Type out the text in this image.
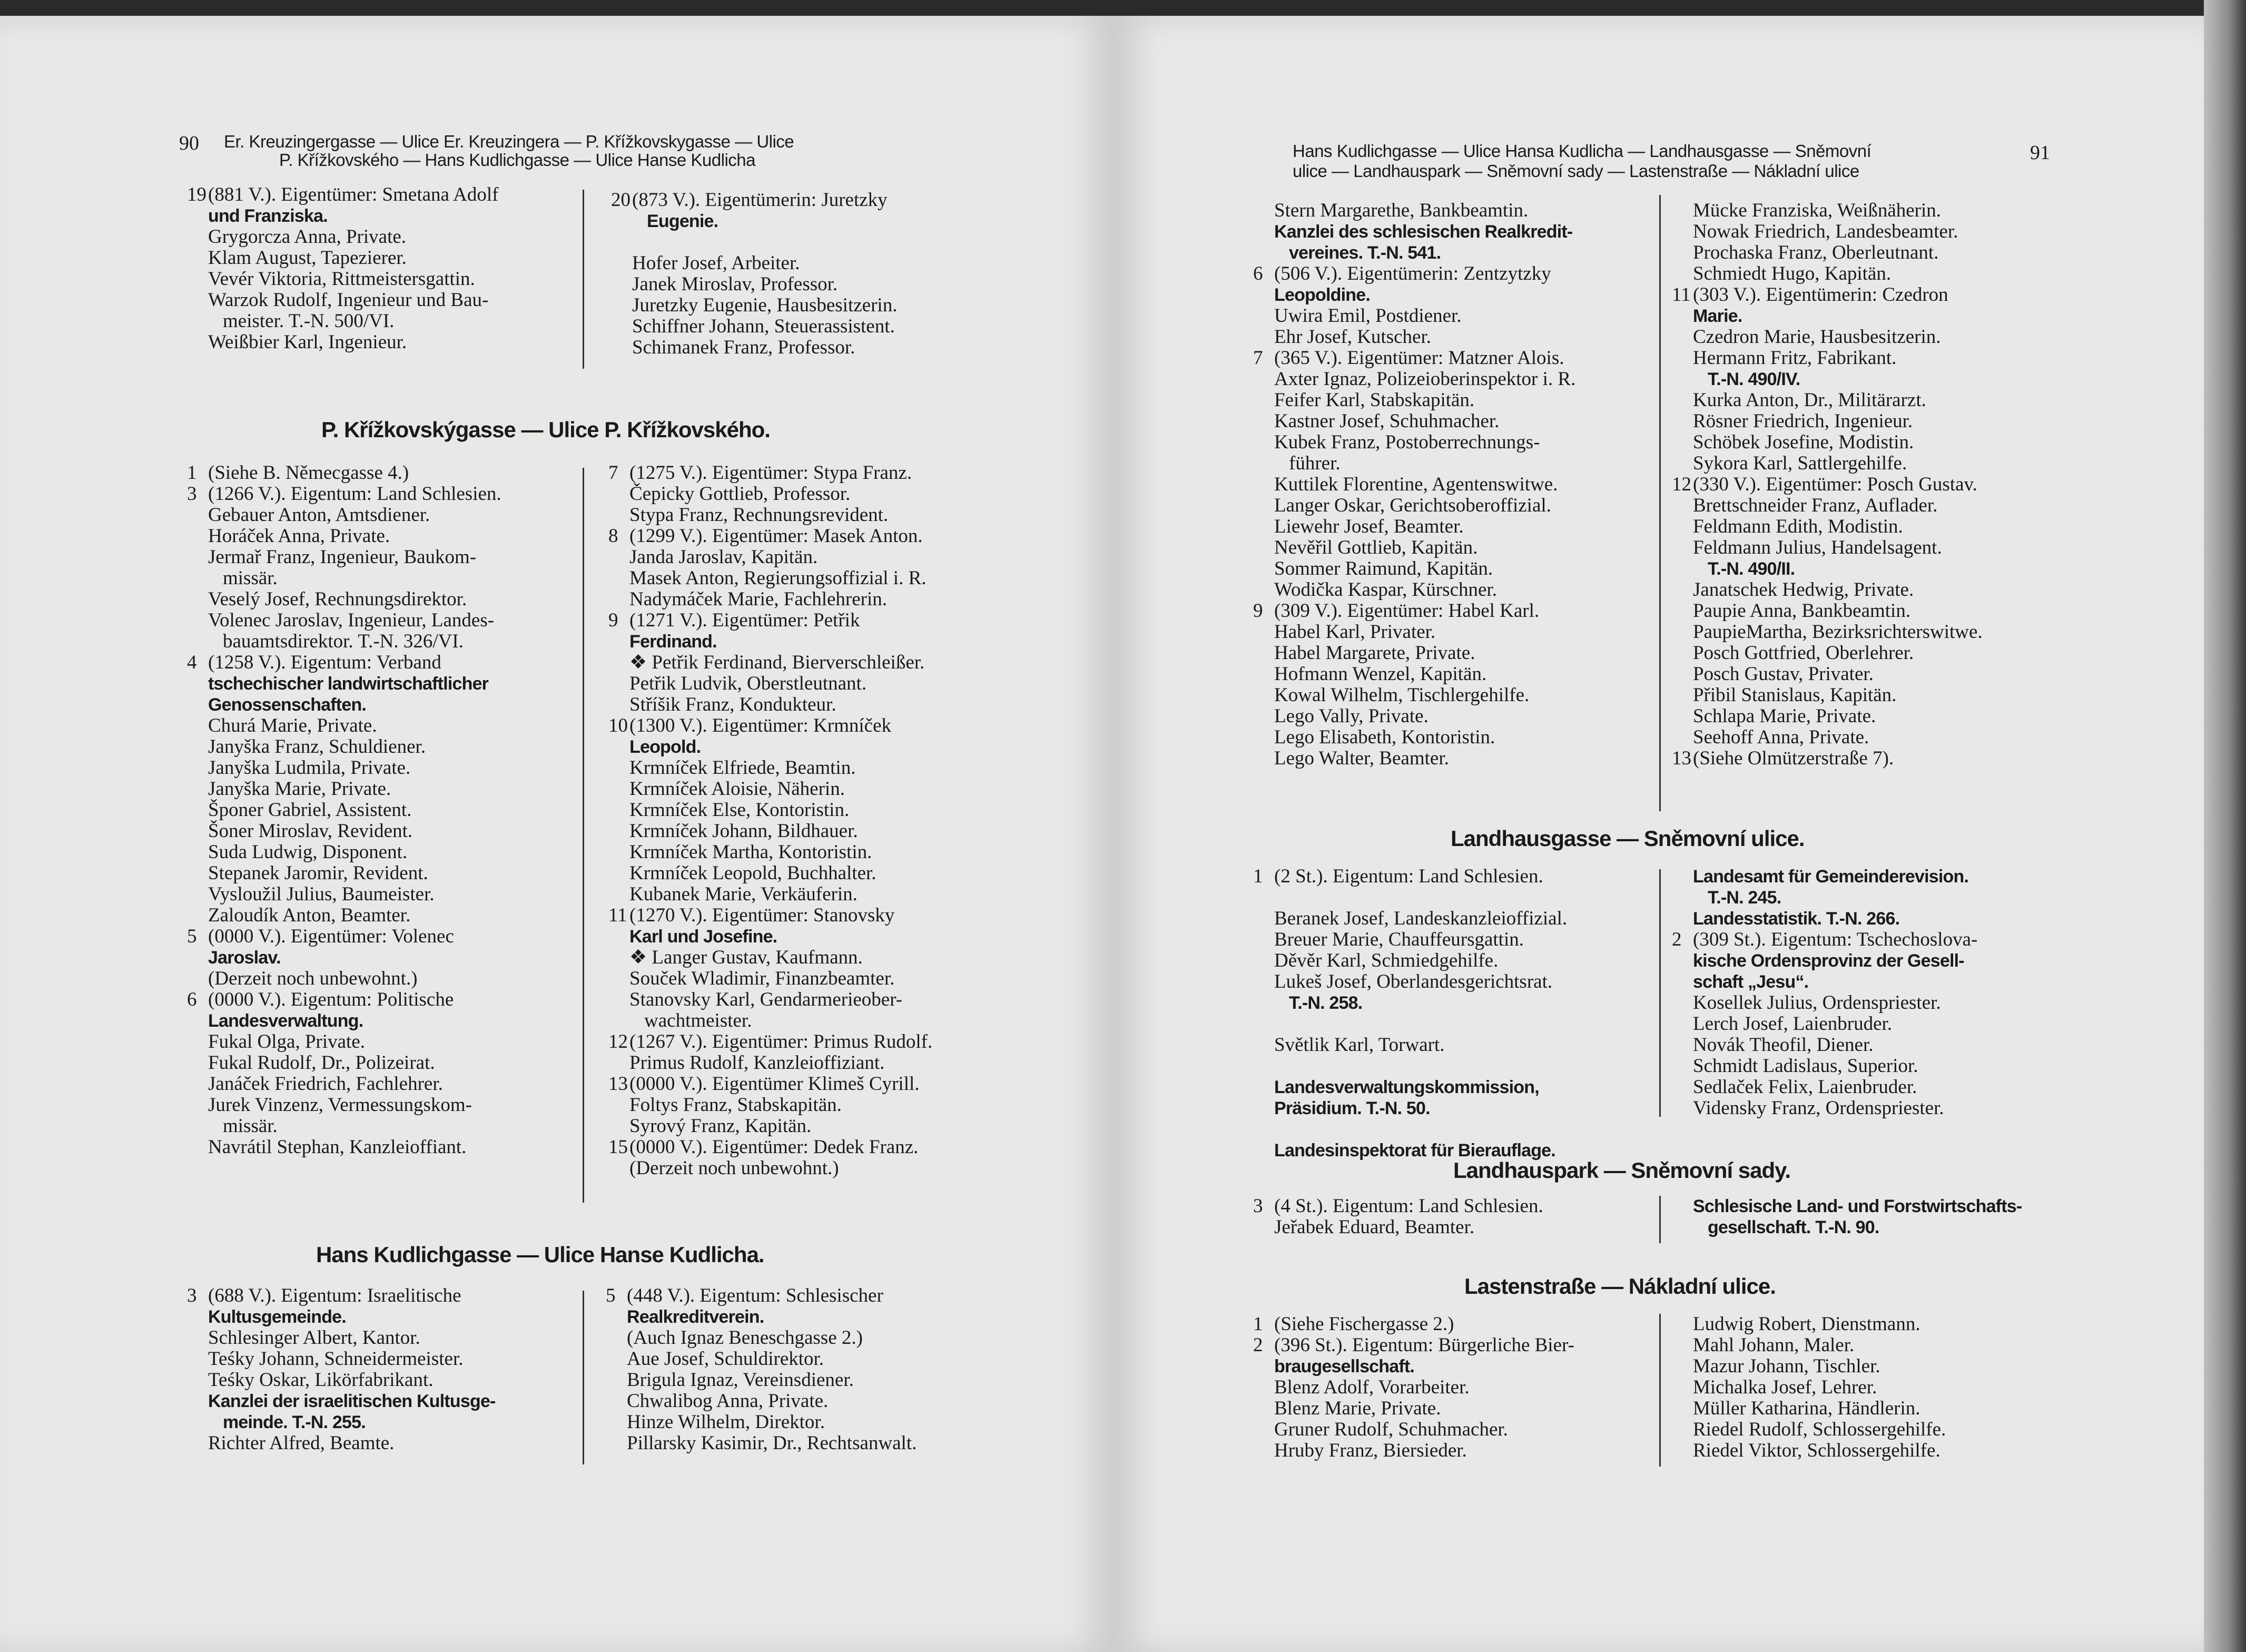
90 Er. Kreuzingergasse — Ulice Er. Kreuzingera — P. Křížkovskygasse — Ulice
P. Křížkovského — Hans Kudlichgasse — Ulice Hanse Kudlicha
19 (881 V.). Eigentümer: Smetana Adolf
und Franziska.
Grygorcza Anna, Private.
Klam August, Tapezierer.
Vevér Viktoria, Rittmeistersgattin.
Warzok Rudolf, Ingenieur und Bau-
meister. T.-N. 500/VI.
Weißbier Karl, Ingenieur.
20 (873 V.). Eigentümerin: Juretzky
Eugenie.
Hofer Josef, Arbeiter.
Janek Miroslav, Professor.
Juretzky Eugenie, Hausbesitzerin.
Schiffner Johann, Steuerassistent.
Schimanek Franz, Professor.
P. Křížkovskýgasse — Ulice P. Křížkovského.
1 (Siehe B. Němecgasse 4.)
3 (1266 V.). Eigentum: Land Schlesien.
Gebauer Anton, Amtsdiener.
Horáček Anna, Private.
Jermař Franz, Ingenieur, Baukom-
missär.
Veselý Josef, Rechnungsdirektor.
Volenec Jaroslav, Ingenieur, Landes-
bauamtsdirektor. T.-N. 326/VI.
4 (1258 V.). Eigentum: Verband
tschechischer landwirtschaftlicher
Genossenschaften.
Churá Marie, Private.
Janyška Franz, Schuldiener.
Janyška Ludmila, Private.
Janyška Marie, Private.
Šponer Gabriel, Assistent.
Šoner Miroslav, Revident.
Suda Ludwig, Disponent.
Stepanek Jaromir, Revident.
Vysloužil Julius, Baumeister.
Zaloudík Anton, Beamter.
5 (0000 V.). Eigentümer: Volenec
Jaroslav.
(Derzeit noch unbewohnt.)
6 (0000 V.). Eigentum: Politische
Landesverwaltung.
Fukal Olga, Private.
Fukal Rudolf, Dr., Polizeirat.
Janáček Friedrich, Fachlehrer.
Jurek Vinzenz, Vermessungskom-
missär.
Navrátil Stephan, Kanzleioffiant.
7 (1275 V.). Eigentümer: Stypa Franz.
Čepicky Gottlieb, Professor.
Stypa Franz, Rechnungsrevident.
8 (1299 V.). Eigentümer: Masek Anton.
Janda Jaroslav, Kapitän.
Masek Anton, Regierungsoffizial i. R.
Nadymáček Marie, Fachlehrerin.
9 (1271 V.). Eigentümer: Petřik
Ferdinand.
❖ Petřik Ferdinand, Bierverschleißer.
Petřik Ludvik, Oberstleutnant.
Stříšik Franz, Kondukteur.
10 (1300 V.). Eigentümer: Krmníček
Leopold.
Krmníček Elfriede, Beamtin.
Krmníček Aloisie, Näherin.
Krmníček Else, Kontoristin.
Krmníček Johann, Bildhauer.
Krmníček Martha, Kontoristin.
Krmníček Leopold, Buchhalter.
Kubanek Marie, Verkäuferin.
11 (1270 V.). Eigentümer: Stanovsky
Karl und Josefine.
❖ Langer Gustav, Kaufmann.
Souček Wladimir, Finanzbeamter.
Stanovsky Karl, Gendarmerieober-
wachtmeister.
12 (1267 V.). Eigentümer: Primus Rudolf.
Primus Rudolf, Kanzleioffiziant.
13 (0000 V.). Eigentümer Klimeš Cyrill.
Foltys Franz, Stabskapitän.
Syrový Franz, Kapitän.
15 (0000 V.). Eigentümer: Dedek Franz.
(Derzeit noch unbewohnt.)
Hans Kudlichgasse — Ulice Hanse Kudlicha.
3 (688 V.). Eigentum: Israelitische
Kultusgemeinde.
Schlesinger Albert, Kantor.
Teśky Johann, Schneidermeister.
Teśky Oskar, Likörfabrikant.
Kanzlei der israelitischen Kultusge-
meinde. T.-N. 255.
Richter Alfred, Beamte.
5 (448 V.). Eigentum: Schlesischer
Realkreditverein.
(Auch Ignaz Beneschgasse 2.)
Aue Josef, Schuldirektor.
Brigula Ignaz, Vereinsdiener.
Chwalibog Anna, Private.
Hinze Wilhelm, Direktor.
Pillarsky Kasimir, Dr., Rechtsanwalt.
Hans Kudlichgasse — Ulice Hansa Kudlicha — Landhausgasse — Sněmovní	91
ulice — Landhauspark — Sněmovní sady — Lastenstraße — Nákladní ulice
Stern Margarethe, Bankbeamtin.
Kanzlei des schlesischen Realkredit-
vereines. T.-N. 541.
6 (506 V.). Eigentümerin: Zentzytzky
Leopoldine.
Uwira Emil, Postdiener.
Ehr Josef, Kutscher.
7 (365 V.). Eigentümer: Matzner Alois.
Axter Ignaz, Polizeioberinspektor i. R.
Feifer Karl, Stabskapitän.
Kastner Josef, Schuhmacher.
Kubek Franz, Postoberrechnungs-
führer.
Kuttilek Florentine, Agentenswitwe.
Langer Oskar, Gerichtsoberoffizial.
Liewehr Josef, Beamter.
Nevěřil Gottlieb, Kapitän.
Sommer Raimund, Kapitän.
Wodička Kaspar, Kürschner.
9 (309 V.). Eigentümer: Habel Karl.
Habel Karl, Privater.
Habel Margarete, Private.
Hofmann Wenzel, Kapitän.
Kowal Wilhelm, Tischlergehilfe.
Lego Vally, Private.
Lego Elisabeth, Kontoristin.
Lego Walter, Beamter.
Mücke Franziska, Weißnäherin.
Nowak Friedrich, Landesbeamter.
Prochaska Franz, Oberleutnant.
Schmiedt Hugo, Kapitän.
11 (303 V.). Eigentümerin: Czedron
Marie.
Czedron Marie, Hausbesitzerin.
Hermann Fritz, Fabrikant.
T.-N. 490/IV.
Kurka Anton, Dr., Militärarzt.
Rösner Friedrich, Ingenieur.
Schöbek Josefine, Modistin.
Sykora Karl, Sattlergehilfe.
12 (330 V.). Eigentümer: Posch Gustav.
Brettschneider Franz, Auflader.
Feldmann Edith, Modistin.
Feldmann Julius, Handelsagent.
T.-N. 490/II.
Janatschek Hedwig, Private.
Paupie Anna, Bankbeamtin.
PaupieMartha, Bezirksrichterswitwe.
Posch Gottfried, Oberlehrer.
Posch Gustav, Privater.
Přibil Stanislaus, Kapitän.
Schlapa Marie, Private.
Seehoff Anna, Private.
13 (Siehe Olmützerstraße 7).
Landhausgasse — Sněmovní ulice.
1 (2 St.). Eigentum: Land Schlesien.
Beranek Josef, Landeskanzleioffizial.
Breuer Marie, Chauffeursgattin.
Děvěr Karl, Schmiedgehilfe.
Lukeš Josef, Oberlandesgerichtsrat.
T.-N. 258.
Světlik Karl, Torwart.
Landesverwaltungskommission,
Präsidium. T.-N. 50.
Landesinspektorat für Bierauflage.
Landesamt für Gemeinderevision.
T.-N. 245.
Landesstatistik. T.-N. 266.
2 (309 St.). Eigentum: Tschechoslova-
kische Ordensprovinz der Gesell-
schaft „Jesu“.
Kosellek Julius, Ordenspriester.
Lerch Josef, Laienbruder.
Novák Theofil, Diener.
Schmidt Ladislaus, Superior.
Sedlaček Felix, Laienbruder.
Vidensky Franz, Ordenspriester.
Landhauspark — Sněmovní sady.
3 (4 St.). Eigentum: Land Schlesien.
Jeřabek Eduard, Beamter.
Schlesische Land- und Forstwirtschafts-
gesellschaft. T.-N. 90.
Lastenstraße — Nákladní ulice.
1 (Siehe Fischergasse 2.)
2 (396 St.). Eigentum: Bürgerliche Bier-
braugesellschaft.
Blenz Adolf, Vorarbeiter.
Blenz Marie, Private.
Gruner Rudolf, Schuhmacher.
Hruby Franz, Biersieder.
Ludwig Robert, Dienstmann.
Mahl Johann, Maler.
Mazur Johann, Tischler.
Michalka Josef, Lehrer.
Müller Katharina, Händlerin.
Riedel Rudolf, Schlossergehilfe.
Riedel Viktor, Schlossergehilfe.
